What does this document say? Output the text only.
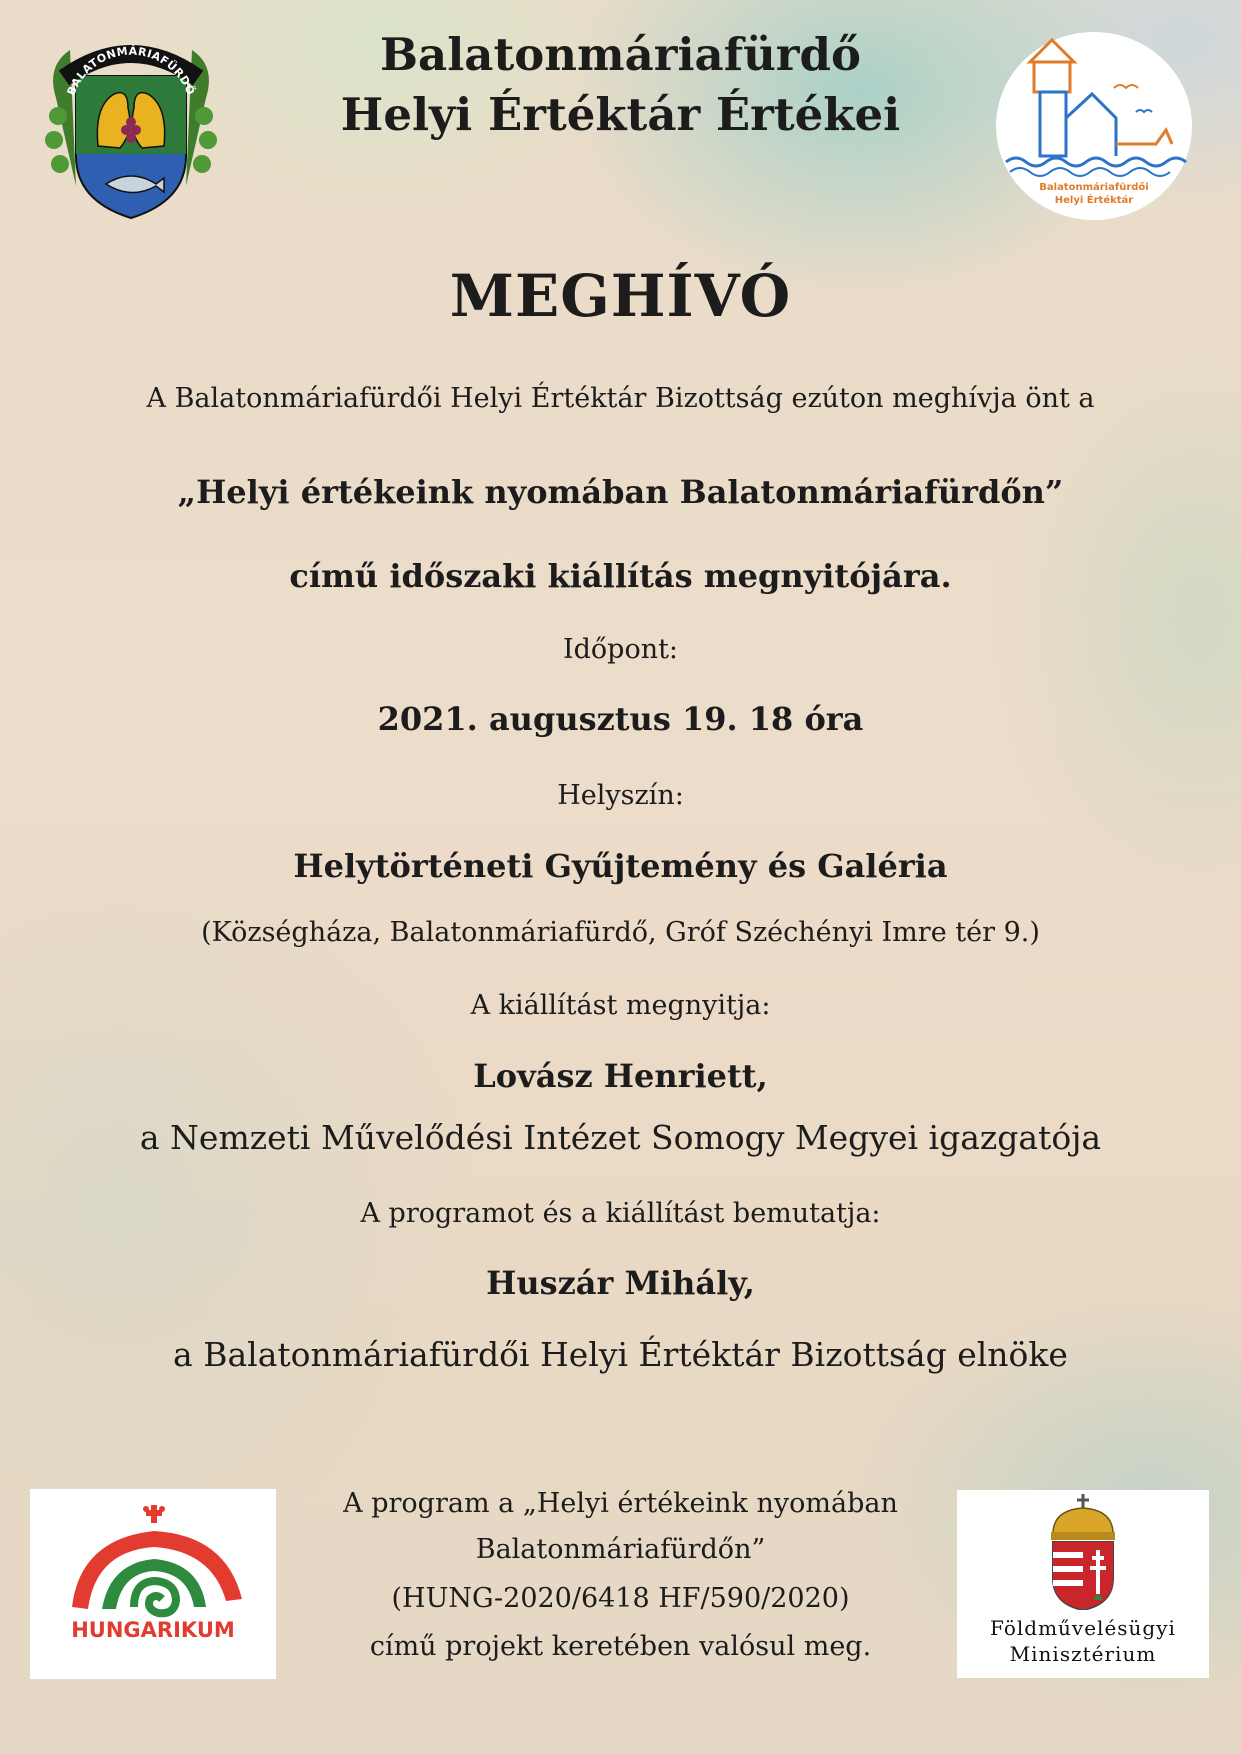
BALATONMÁRIAFÜRDŐ

Balatonmáriafürdő

Helyi Értéktár Értékei

Balatonmáriafürdői
Helyi Értéktár

MEGHÍVÓ

A Balatonmáriafürdői Helyi Értéktár Bizottság ezúton meghívja önt a

„Helyi értékeink nyomában Balatonmáriafürdőn”

című időszaki kiállítás megnyitójára.

Időpont:

2021. augusztus 19. 18 óra

Helyszín:

Helytörténeti Gyűjtemény és Galéria

(Községháza, Balatonmáriafürdő, Gróf Széchényi Imre tér 9.)

A kiállítást megnyitja:

Lovász Henriett,

a Nemzeti Művelődési Intézet Somogy Megyei igazgatója

A programot és a kiállítást bemutatja:

Huszár Mihály,

a Balatonmáriafürdői Helyi Értéktár Bizottság elnöke

HUNGARIKUM

A program a „Helyi értékeink nyomában

Balatonmáriafürdőn”

(HUNG-2020/6418 HF/590/2020)

című projekt keretében valósul meg.

Földművelésügyi
Minisztérium
